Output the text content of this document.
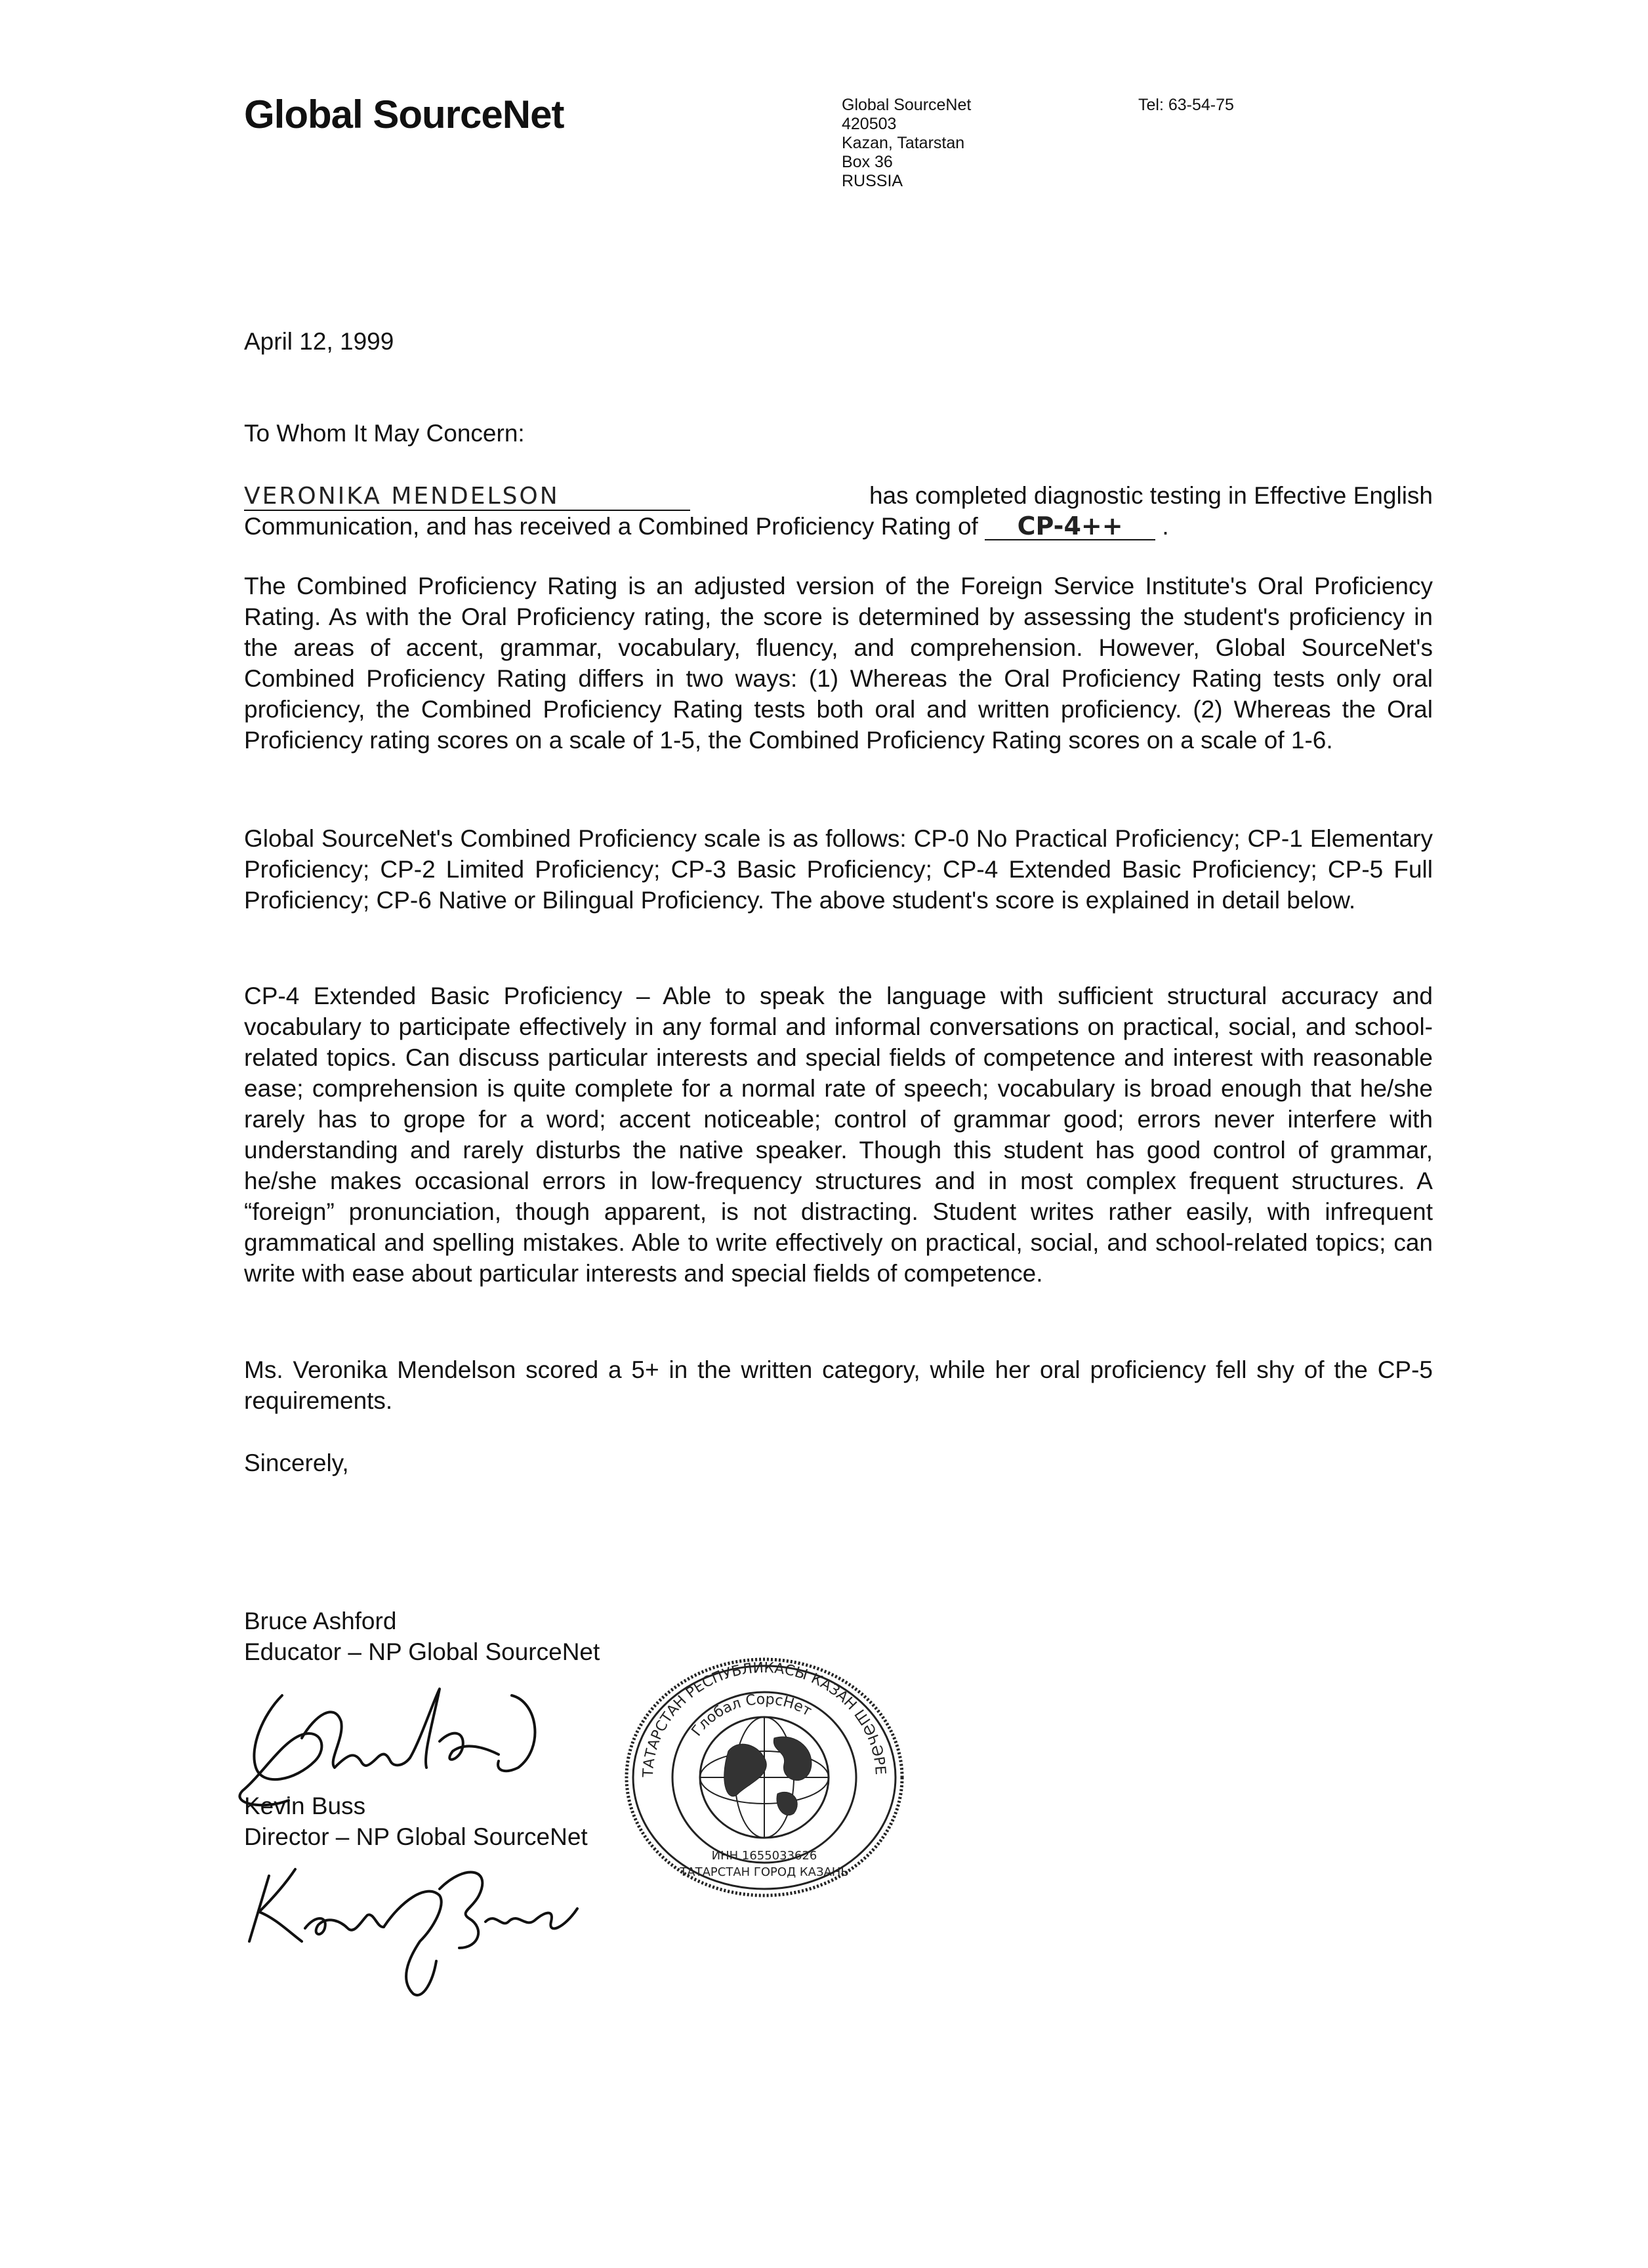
Global SourceNet	Global SourceNet
420503
Kazan, Tatarstan
Box 36
RUSSIA
Tel: 63-54-75
April 12, 1999
To Whom It May Concern:
VERONIKA MENDELSON	has completed diagnostic testing in Effective English
Communication, and has received a Combined Proficiency Rating of CP-4++ .
The Combined Proficiency Rating is an adjusted version of the Foreign Service Institute's Oral Proficiency Rating. As with the Oral Proficiency rating, the score is determined by assessing the student's proficiency in the areas of accent, grammar, vocabulary, fluency, and comprehension. However, Global SourceNet's Combined Proficiency Rating differs in two ways: (1) Whereas the Oral Proficiency Rating tests only oral proficiency, the Combined Proficiency Rating tests both oral and written proficiency. (2) Whereas the Oral Proficiency rating scores on a scale of 1-5, the Combined Proficiency Rating scores on a scale of 1-6.
Global SourceNet's Combined Proficiency scale is as follows: CP-0 No Practical Proficiency; CP-1 Elementary Proficiency; CP-2 Limited Proficiency; CP-3 Basic Proficiency; CP-4 Extended Basic Proficiency; CP-5 Full Proficiency; CP-6 Native or Bilingual Proficiency. The above student's score is explained in detail below.
CP-4 Extended Basic Proficiency – Able to speak the language with sufficient structural accuracy and vocabulary to participate effectively in any formal and informal conversations on practical, social, and school-related topics. Can discuss particular interests and special fields of competence and interest with reasonable ease; comprehension is quite complete for a normal rate of speech; vocabulary is broad enough that he/she rarely has to grope for a word; accent noticeable; control of grammar good; errors never interfere with understanding and rarely disturbs the native speaker. Though this student has good control of grammar, he/she makes occasional errors in low-frequency structures and in most complex frequent structures. A “foreign” pronunciation, though apparent, is not distracting. Student writes rather easily, with infrequent grammatical and spelling mistakes. Able to write effectively on practical, social, and school-related topics; can write with ease about particular interests and special fields of competence.
Ms. Veronika Mendelson scored a 5+ in the written category, while her oral proficiency fell shy of the CP-5 requirements.
Sincerely,
Bruce Ashford
Educator – NP Global SourceNet
Kevin Buss
Director – NP Global SourceNet
ТАТАРСТАН РЕСПУБЛИКАСЫ КАЗАН ШӘҺӘРЕ
Глобал СорсНет
ИНН 1655033626
ТАТАРСТАН ГОРОД КАЗАНЬ
